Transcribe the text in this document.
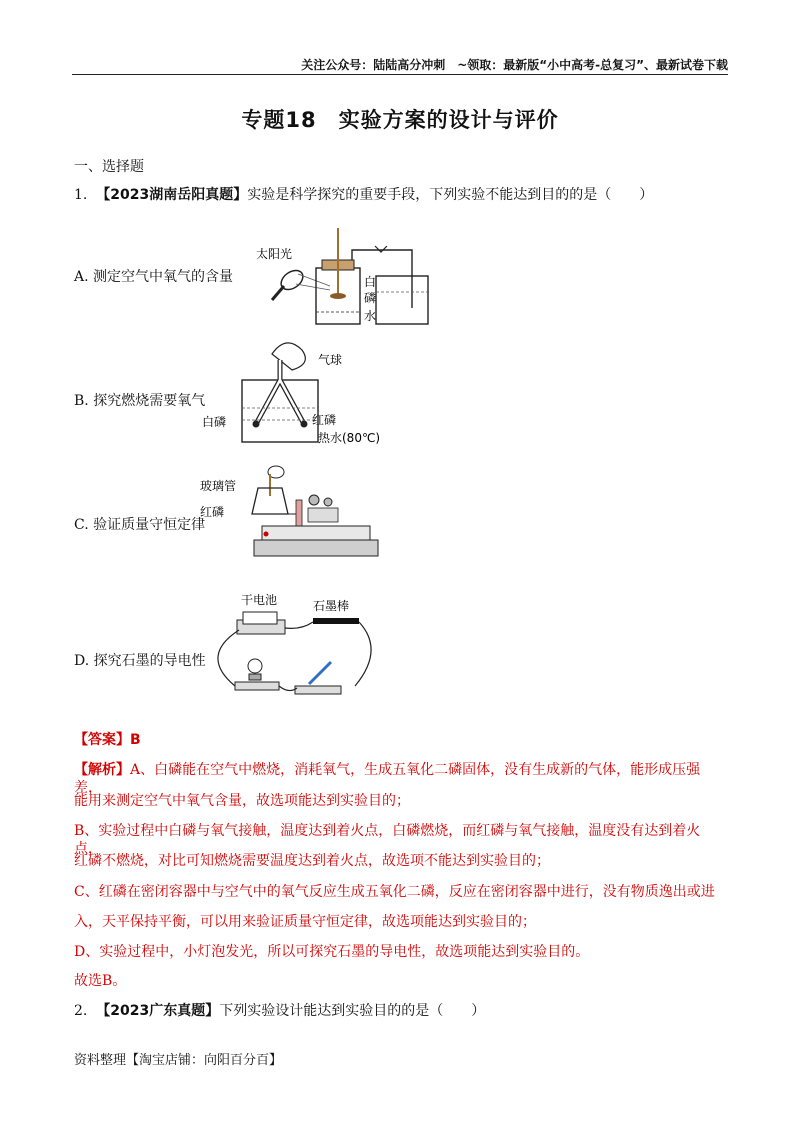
关注公众号：陆陆高分冲刺　~领取：最新版“小中高考-总复习”、最新试卷下载
专题18　实验方案的设计与评价
一、选择题
1. 【2023湖南岳阳真题】实验是科学探究的重要手段，下列实验不能达到目的的是（　　）
A. 测定空气中氧气的含量
太阳光
白
磷
水
B. 探究燃烧需要氧气
气球
白磷	红磷
热水(80℃)
C. 验证质量守恒定律
玻璃管
红磷
D. 探究石墨的导电性
干电池	石墨棒
【答案】B
【解析】A、白磷能在空气中燃烧，消耗氧气，生成五氧化二磷固体，没有生成新的气体，能形成压强差，
能用来测定空气中氧气含量，故选项能达到实验目的；
B、实验过程中白磷与氧气接触，温度达到着火点，白磷燃烧，而红磷与氧气接触，温度没有达到着火点，
红磷不燃烧，对比可知燃烧需要温度达到着火点，故选项不能达到实验目的；
C、红磷在密闭容器中与空气中的氧气反应生成五氧化二磷，反应在密闭容器中进行，没有物质逸出或进
入，天平保持平衡，可以用来验证质量守恒定律，故选项能达到实验目的；
D、实验过程中，小灯泡发光，所以可探究石墨的导电性，故选项能达到实验目的。
故选B。
2. 【2023广东真题】下列实验设计能达到实验目的的是（　　）
资料整理【淘宝店铺：向阳百分百】
